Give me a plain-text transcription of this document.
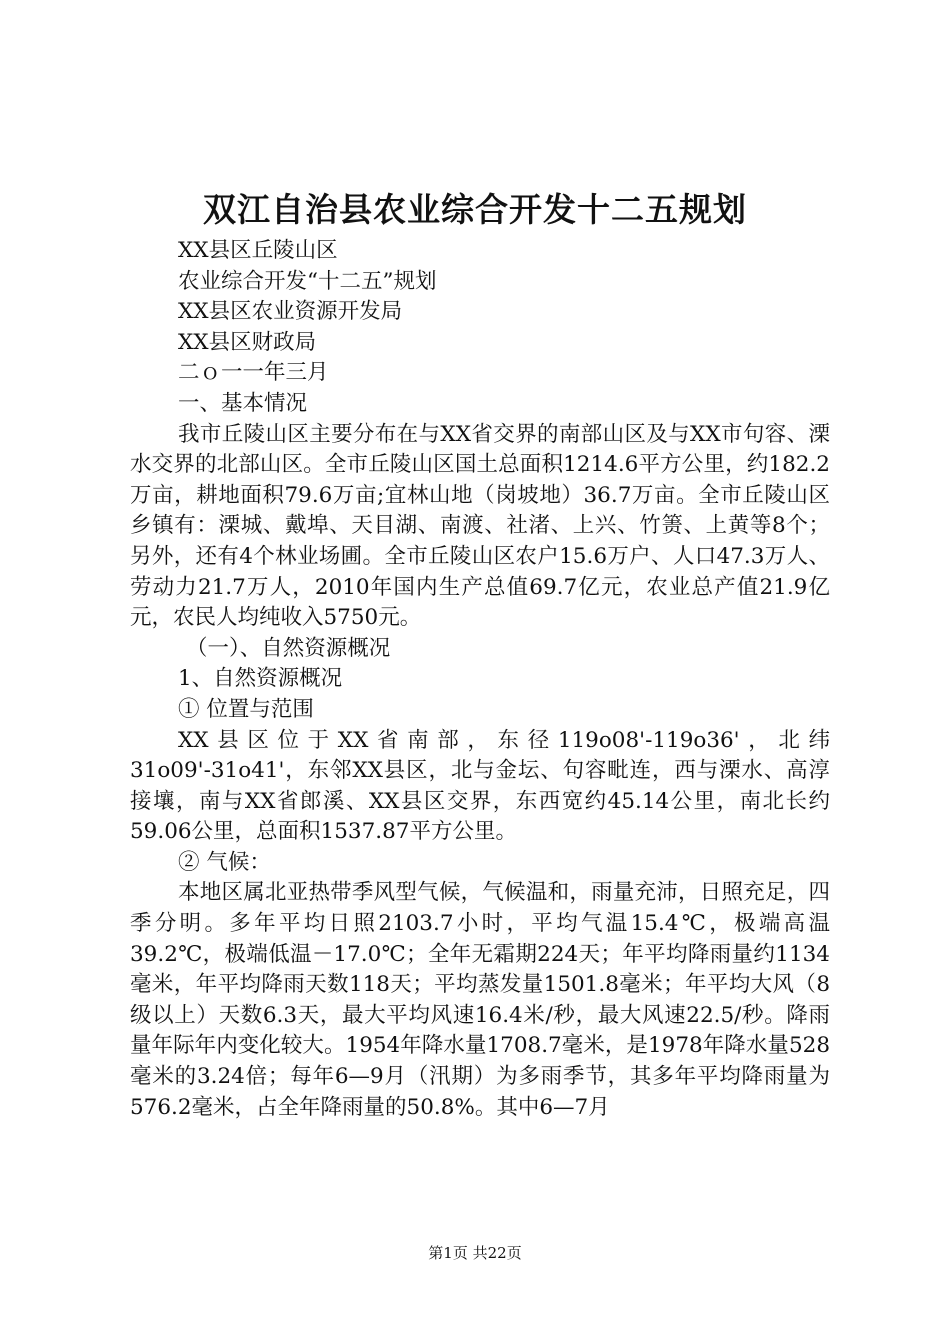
双江自治县农业综合开发十二五规划

XX县区丘陵山区

农业综合开发“十二五”规划

XX县区农业资源开发局

XX县区财政局

二ｏ一一年三月

一、基本情况

我市丘陵山区主要分布在与XX省交界的南部山区及与XX市句容、溧水交界的北部山区。全市丘陵山区国土总面积1214.6平方公里，约182.2万亩，耕地面积79.6万亩;宜林山地（岗坡地）36.7万亩。全市丘陵山区乡镇有：溧城、戴埠、天目湖、南渡、社渚、上兴、竹箦、上黄等8个；另外，还有4个林业场圃。全市丘陵山区农户15.6万户、人口47.3万人、劳动力21.7万人，2010年国内生产总值69.7亿元，农业总产值21.9亿元，农民人均纯收入5750元。

（一）、自然资源概况

1、自然资源概况

① 位置与范围

XX县区位于XX省南部，东径119o08'-119o36'，北纬31o09'-31o41'，东邻XX县区，北与金坛、句容毗连，西与溧水、高淳接壤，南与XX省郎溪、XX县区交界，东西宽约45.14公里，南北长约59.06公里，总面积1537.87平方公里。

② 气候：

本地区属北亚热带季风型气候，气候温和，雨量充沛，日照充足，四季分明。多年平均日照2103.7小时，平均气温15.4℃，极端高温39.2℃，极端低温－17.0℃；全年无霜期224天；年平均降雨量约1134毫米，年平均降雨天数118天；平均蒸发量1501.8毫米；年平均大风（8级以上）天数6.3天，最大平均风速16.4米/秒，最大风速22.5/秒。降雨量年际年内变化较大。1954年降水量1708.7毫米，是1978年降水量528毫米的3.24倍；每年6—9月（汛期）为多雨季节，其多年平均降雨量为576.2毫米，占全年降雨量的50.8%。其中6—7月

第1页 共22页
